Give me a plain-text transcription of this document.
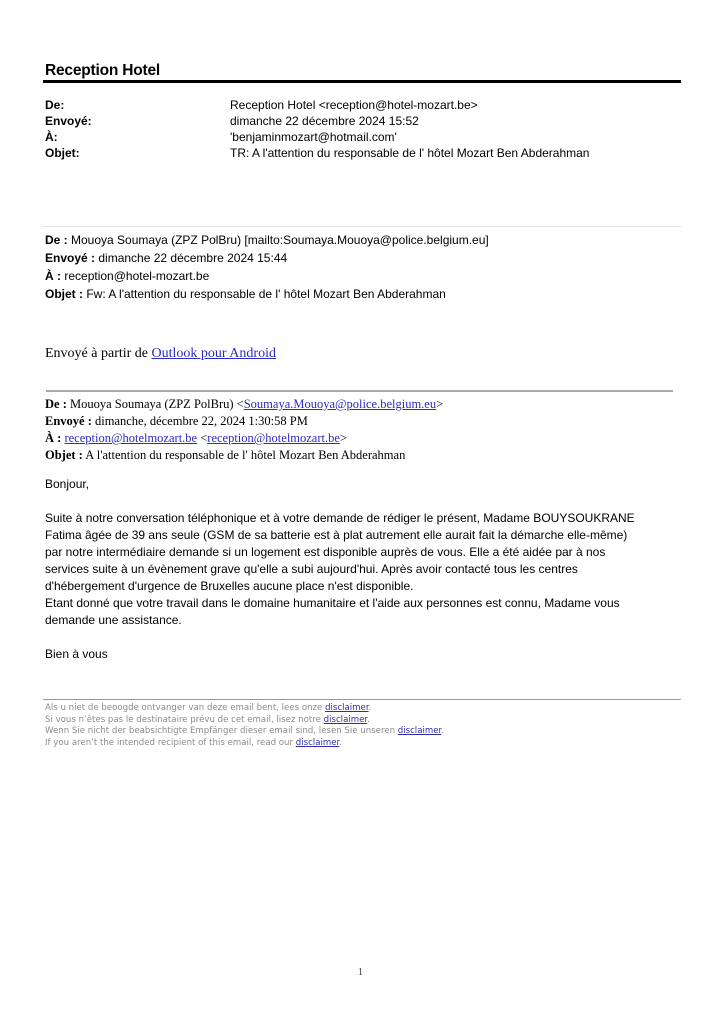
Reception Hotel
De:	Reception Hotel <reception@hotel-mozart.be>
Envoyé:	dimanche 22 décembre 2024 15:52
À:	'benjaminmozart@hotmail.com'
Objet:	TR: A l'attention du responsable de l' hôtel Mozart Ben Abderahman
De : Mouoya Soumaya (ZPZ PolBru) [mailto:Soumaya.Mouoya@police.belgium.eu]
Envoyé : dimanche 22 décembre 2024 15:44
À : reception@hotel-mozart.be
Objet : Fw: A l'attention du responsable de l' hôtel Mozart Ben Abderahman
Envoyé à partir de Outlook pour Android
De : Mouoya Soumaya (ZPZ PolBru) <Soumaya.Mouoya@police.belgium.eu>
Envoyé : dimanche, décembre 22, 2024 1:30:58 PM
À : reception@hotelmozart.be <reception@hotelmozart.be>
Objet : A l'attention du responsable de l' hôtel Mozart Ben Abderahman

Bonjour,

Suite à notre conversation téléphonique et à votre demande de rédiger le présent, Madame BOUYSOUKRANE

Fatima âgée de 39 ans seule (GSM de sa batterie est à plat autrement elle aurait fait la démarche elle-même)

par notre intermédiaire demande si un logement est disponible auprès de vous. Elle a été aidée par à nos

services suite à un évènement grave qu'elle a subi aujourd'hui. Après avoir contacté tous les centres

d'hébergement d'urgence de Bruxelles aucune place n'est disponible.

Etant donné que votre travail dans le domaine humanitaire et l'aide aux personnes est connu, Madame vous

demande une assistance.

Bien à vous

Als u niet de beoogde ontvanger van deze email bent, lees onze disclaimer.
Si vous n’êtes pas le destinataire prévu de cet email, lisez notre disclaimer.
Wenn Sie nicht der beabsichtigte Empfänger dieser email sind, lesen Sie unseren disclaimer.
If you aren’t the intended recipient of this email, read our disclaimer.
1
